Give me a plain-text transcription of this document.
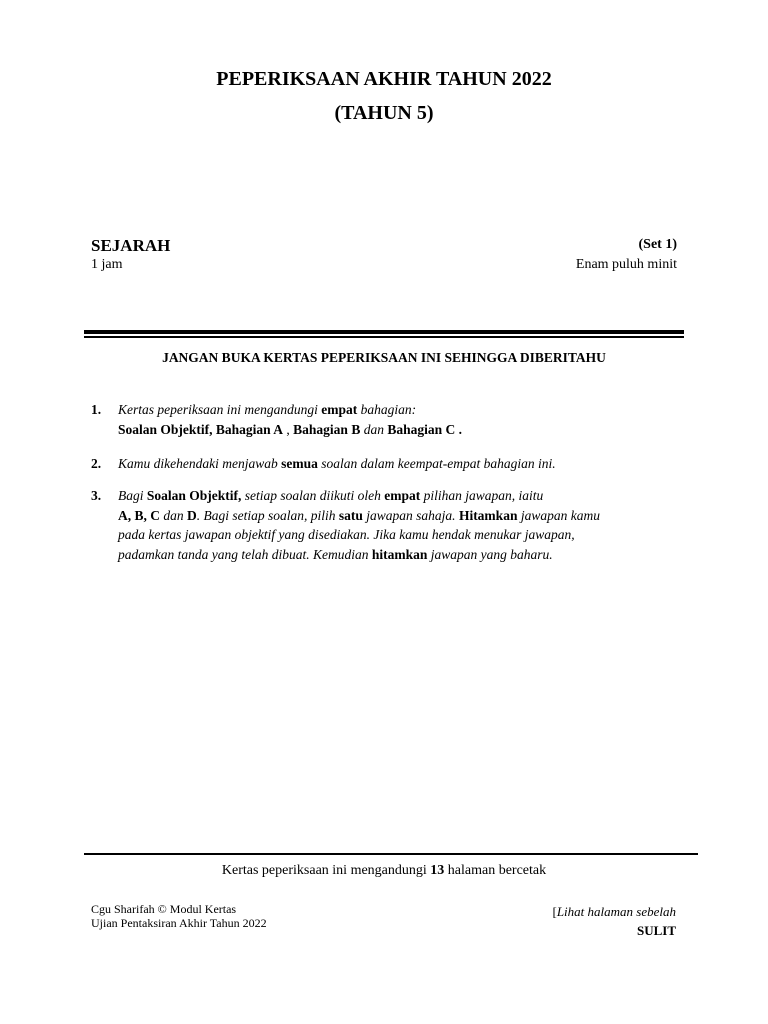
PEPERIKSAAN AKHIR TAHUN 2022
(TAHUN 5)
SEJARAH	(Set 1)
1 jam	Enam puluh minit
JANGAN BUKA KERTAS PEPERIKSAAN INI SEHINGGA DIBERITAHU
1. Kertas peperiksaan ini mengandungi empat bahagian:
Soalan Objektif, Bahagian A , Bahagian B dan Bahagian C .
2. Kamu dikehendaki menjawab semua soalan dalam keempat-empat bahagian ini.
3. Bagi Soalan Objektif, setiap soalan diikuti oleh empat pilihan jawapan, iaitu
A, B, C dan D. Bagi setiap soalan, pilih satu jawapan sahaja. Hitamkan jawapan kamu
pada kertas jawapan objektif yang disediakan. Jika kamu hendak menukar jawapan,
padamkan tanda yang telah dibuat. Kemudian hitamkan jawapan yang baharu.
Kertas peperiksaan ini mengandungi 13 halaman bercetak
Cgu Sharifah © Modul Kertas
Ujian Pentaksiran Akhir Tahun 2022
[Lihat halaman sebelah
SULIT
